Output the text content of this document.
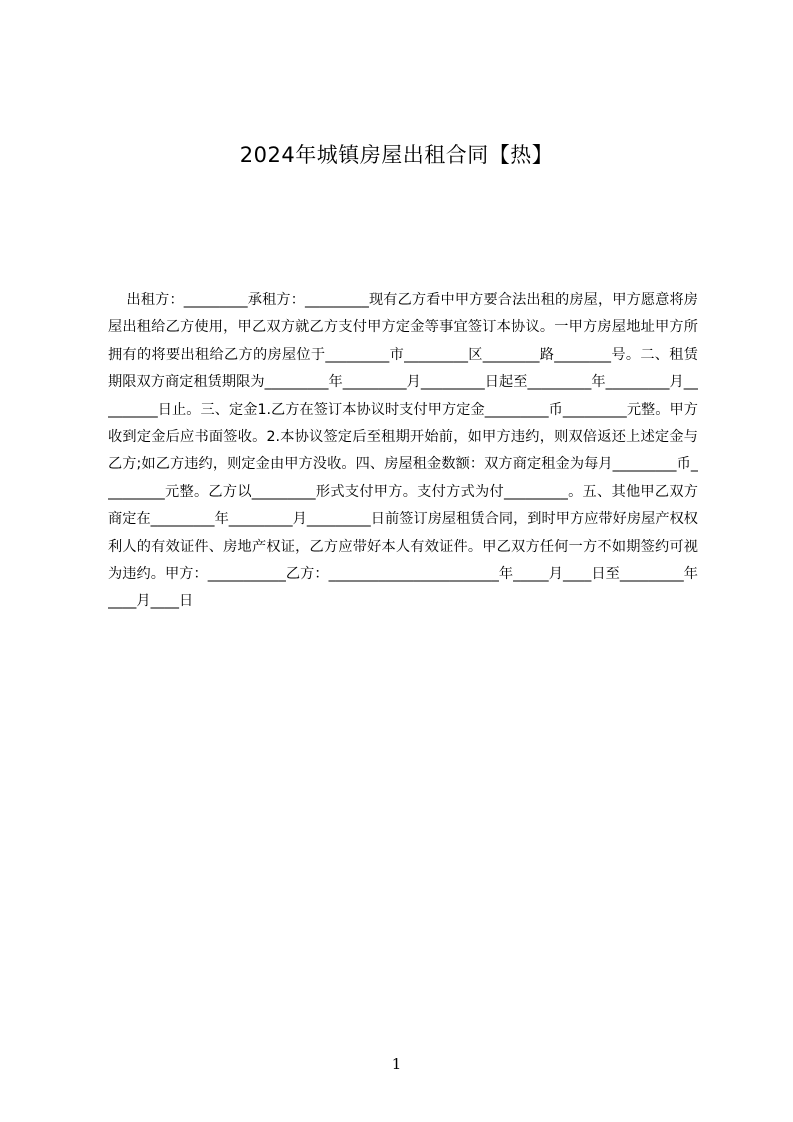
2024年城镇房屋出租合同【热】
出租方：_________承租方：_________现有乙方看中甲方要合法出租的房屋，甲方愿意将房屋出租给乙方使用，甲乙双方就乙方支付甲方定金等事宜签订本协议。一甲方房屋地址甲方所拥有的将要出租给乙方的房屋位于_________市_________区________路________号。二、租赁期限双方商定租赁期限为_________年_________月_________日起至_________年_________月_________日止。三、定金1.乙方在签订本协议时支付甲方定金_________币_________元整。甲方收到定金后应书面签收。2.本协议签定后至租期开始前，如甲方违约，则双倍返还上述定金与乙方;如乙方违约，则定金由甲方没收。四、房屋租金数额：双方商定租金为每月_________币_________元整。乙方以_________形式支付甲方。支付方式为付_________。五、其他甲乙双方商定在_________年_________月_________日前签订房屋租赁合同，到时甲方应带好房屋产权权利人的有效证件、房地产权证，乙方应带好本人有效证件。甲乙双方任何一方不如期签约可视为违约。甲方：___________乙方：________________________年_____月____日至_________年____月____日
1
